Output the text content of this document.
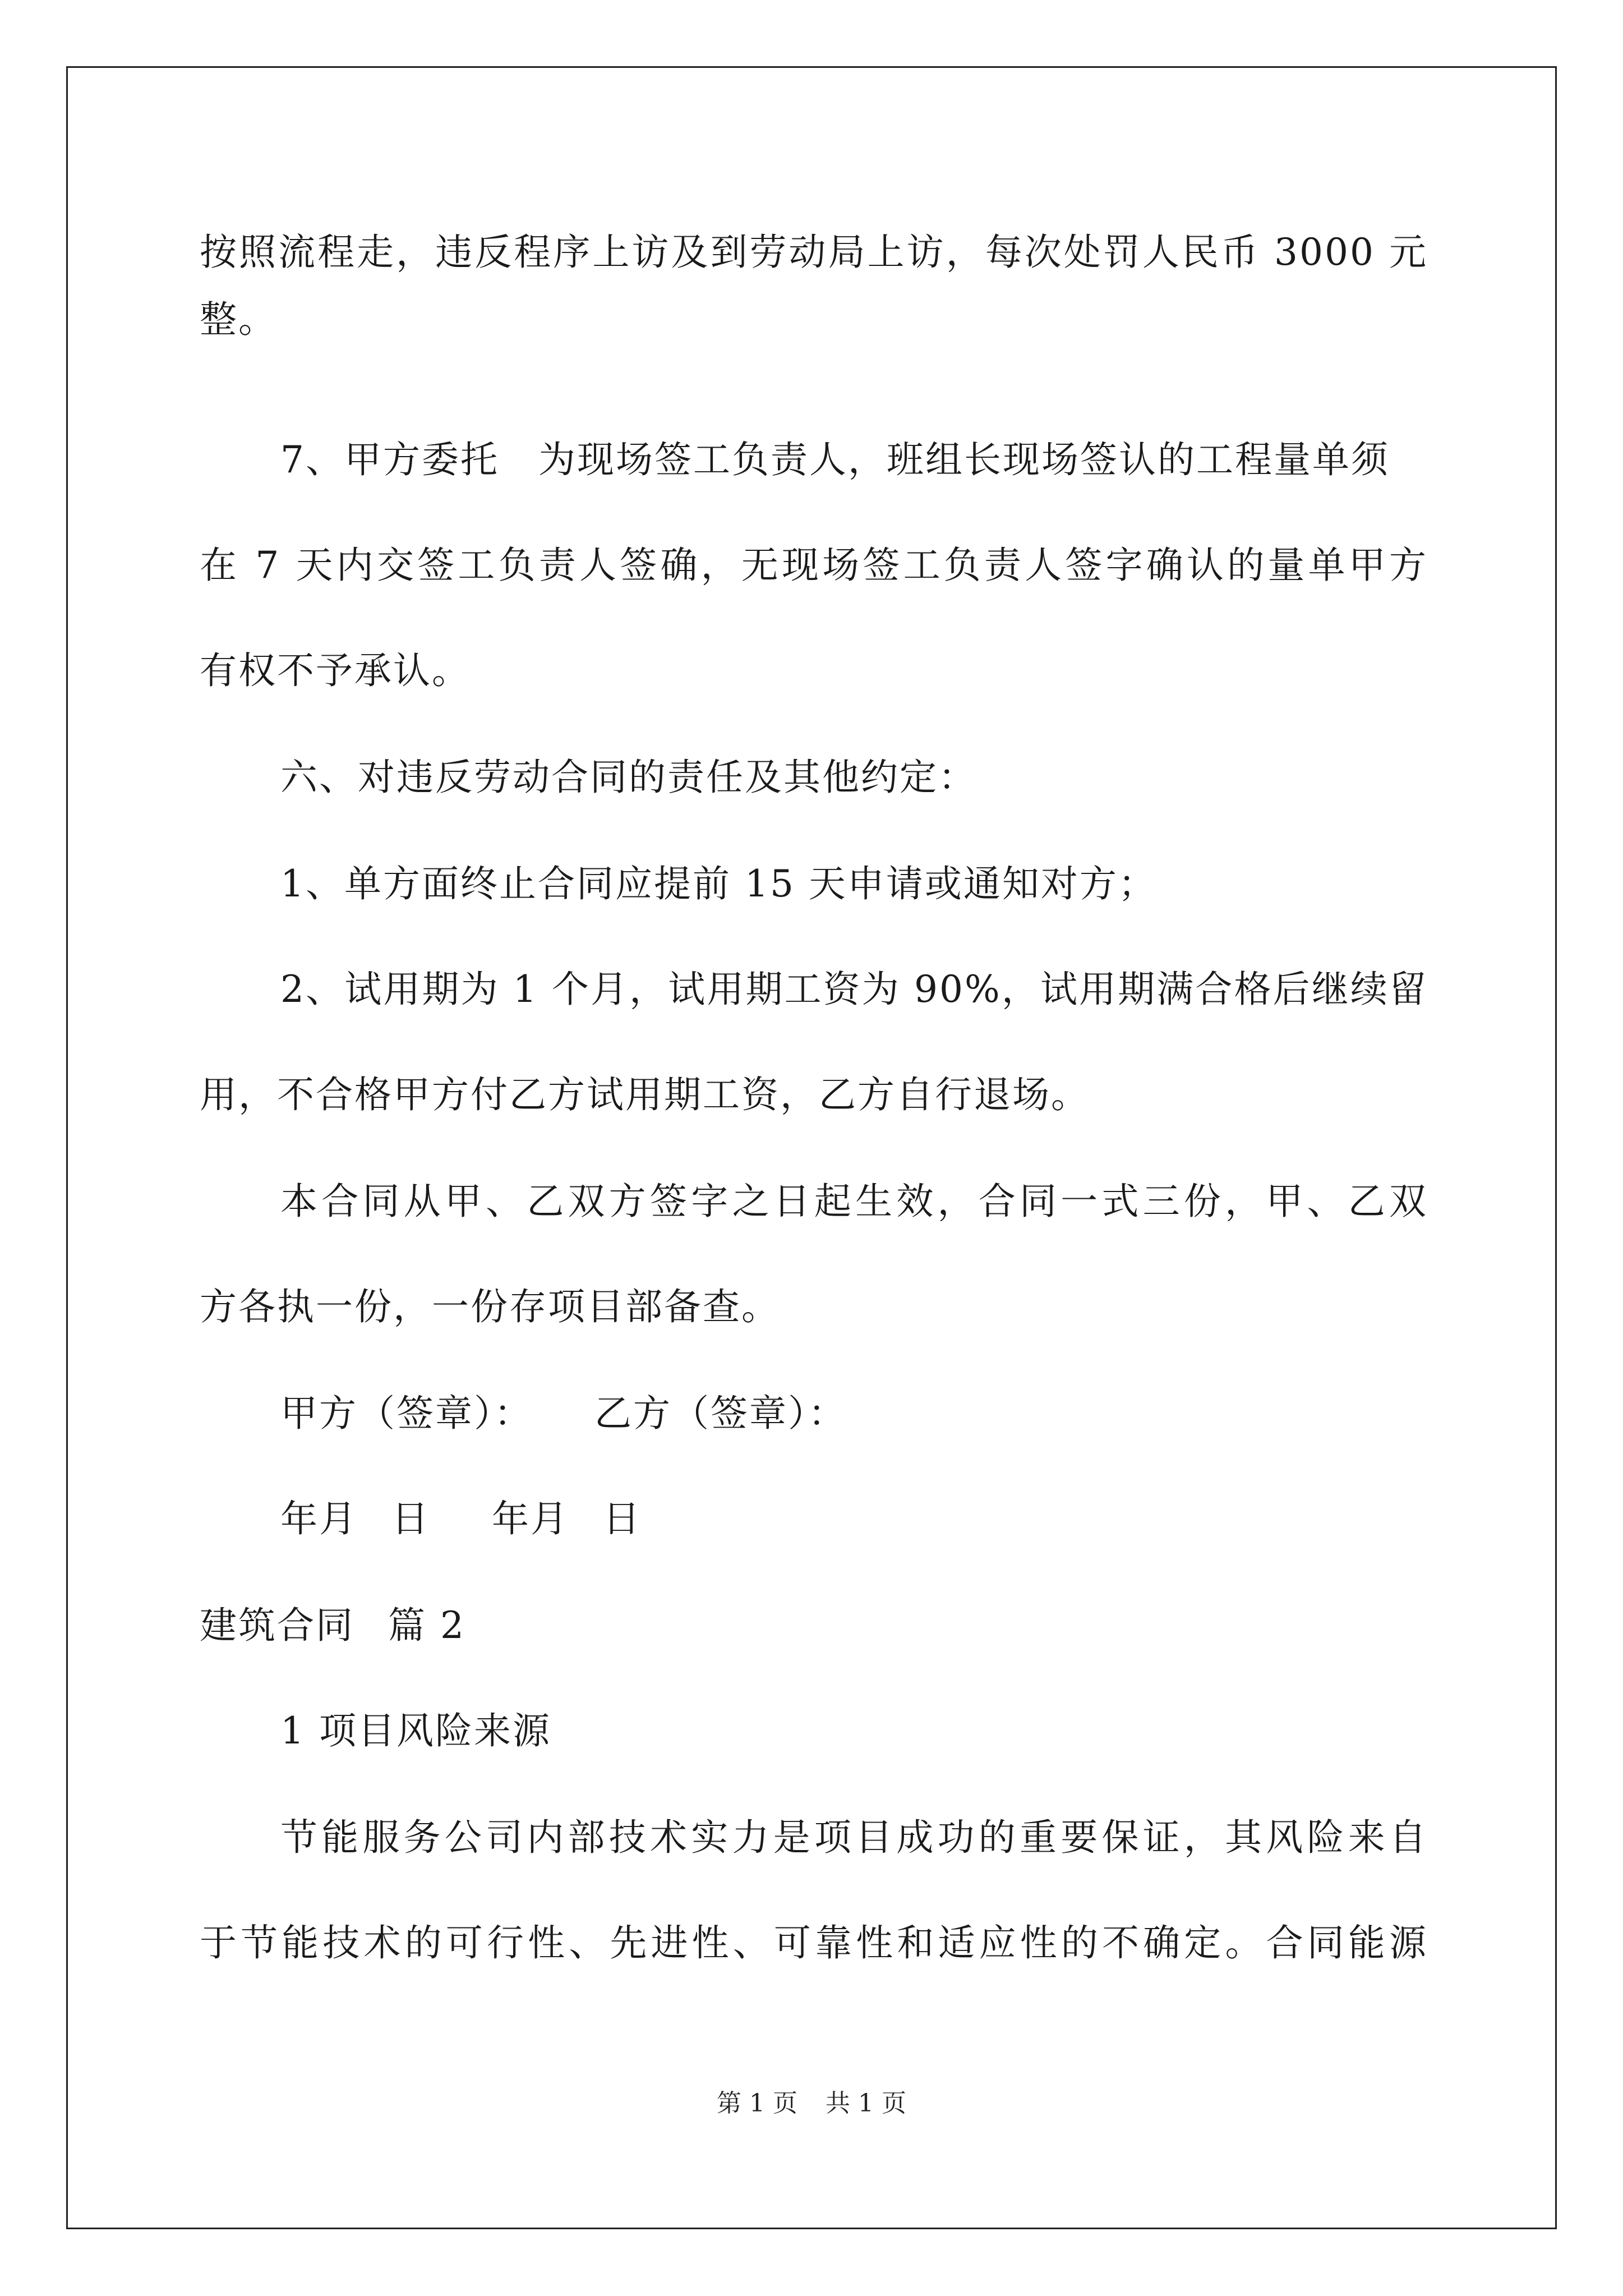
按照流程走，违反程序上访及到劳动局上访，每次处罚人民币 3000 元
整。
7、甲方委托 为现场签工负责人，班组长现场签认的工程量单须
在 7 天内交签工负责人签确，无现场签工负责人签字确认的量单甲方
有权不予承认。
六、对违反劳动合同的责任及其他约定：
1、单方面终止合同应提前 15 天申请或通知对方；
2、试用期为 1 个月，试用期工资为 90%，试用期满合格后继续留
用，不合格甲方付乙方试用期工资，乙方自行退场。
本合同从甲、乙双方签字之日起生效，合同一式三份，甲、乙双
方各执一份，一份存项目部备查。
甲方（签章）： 乙方（签章）：
年月 日 年月 日
建筑合同 篇 2
1 项目风险来源
节能服务公司内部技术实力是项目成功的重要保证，其风险来自
于节能技术的可行性、先进性、可靠性和适应性的不确定。合同能源
第 1 页 共 1 页
